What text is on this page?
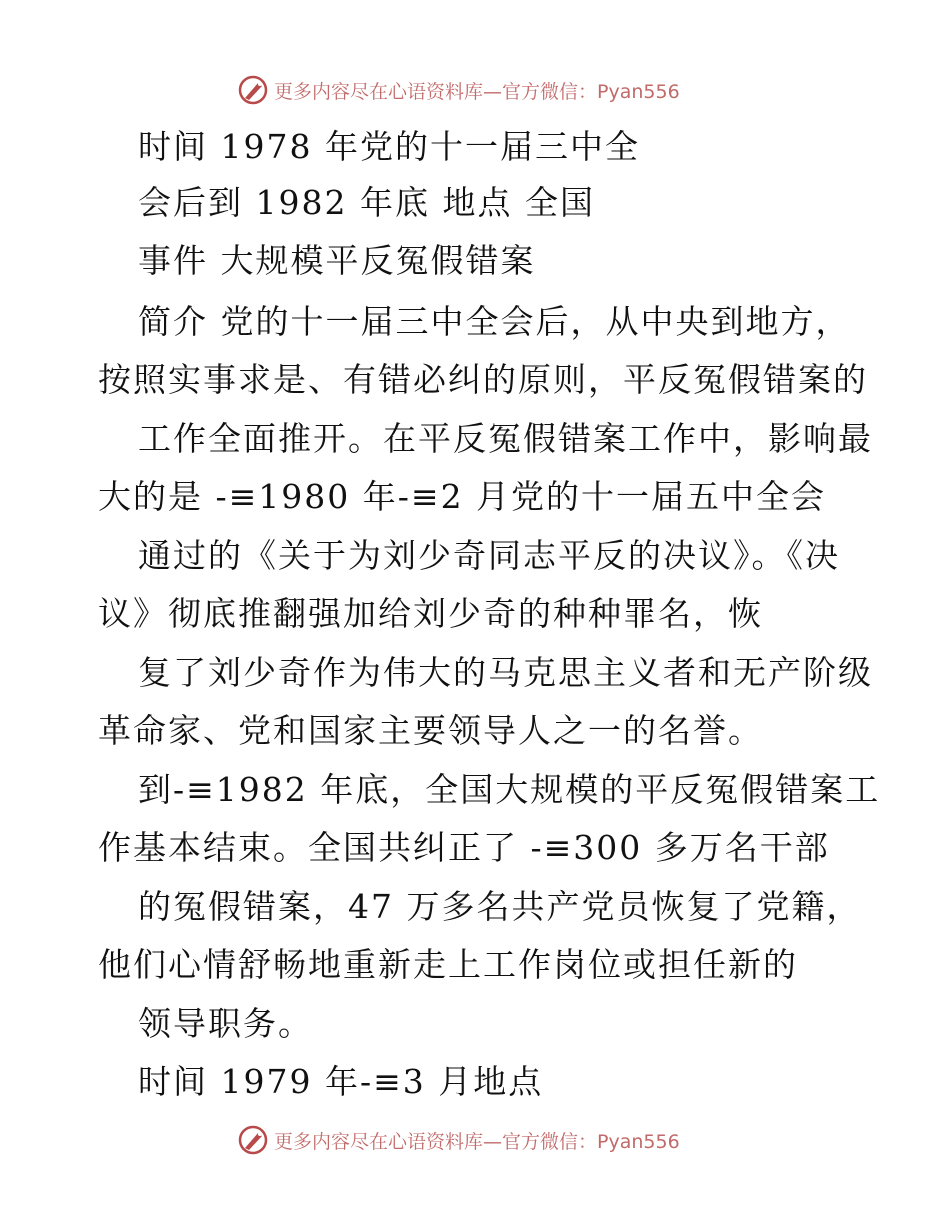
更多内容尽在心语资料库—官方微信：Pyan556
时间 1978 年党的十一届三中全
会后到 1982 年底 地点 全国
事件 大规模平反冤假错案
简介 党的十一届三中全会后，从中央到地方，
按照实事求是、有错必纠的原则，平反冤假错案的
工作全面推开。在平反冤假错案工作中，影响最
大的是 -≡1980 年-≡2 月党的十一届五中全会
通过的《关于为刘少奇同志平反的决议》。《决
议》彻底推翻强加给刘少奇的种种罪名，恢
复了刘少奇作为伟大的马克思主义者和无产阶级
革命家、党和国家主要领导人之一的名誉。
到-≡1982 年底，全国大规模的平反冤假错案工
作基本结束。全国共纠正了 -≡300 多万名干部
的冤假错案，47 万多名共产党员恢复了党籍，
他们心情舒畅地重新走上工作岗位或担任新的
领导职务。
时间 1979 年-≡3 月地点
更多内容尽在心语资料库—官方微信：Pyan556
